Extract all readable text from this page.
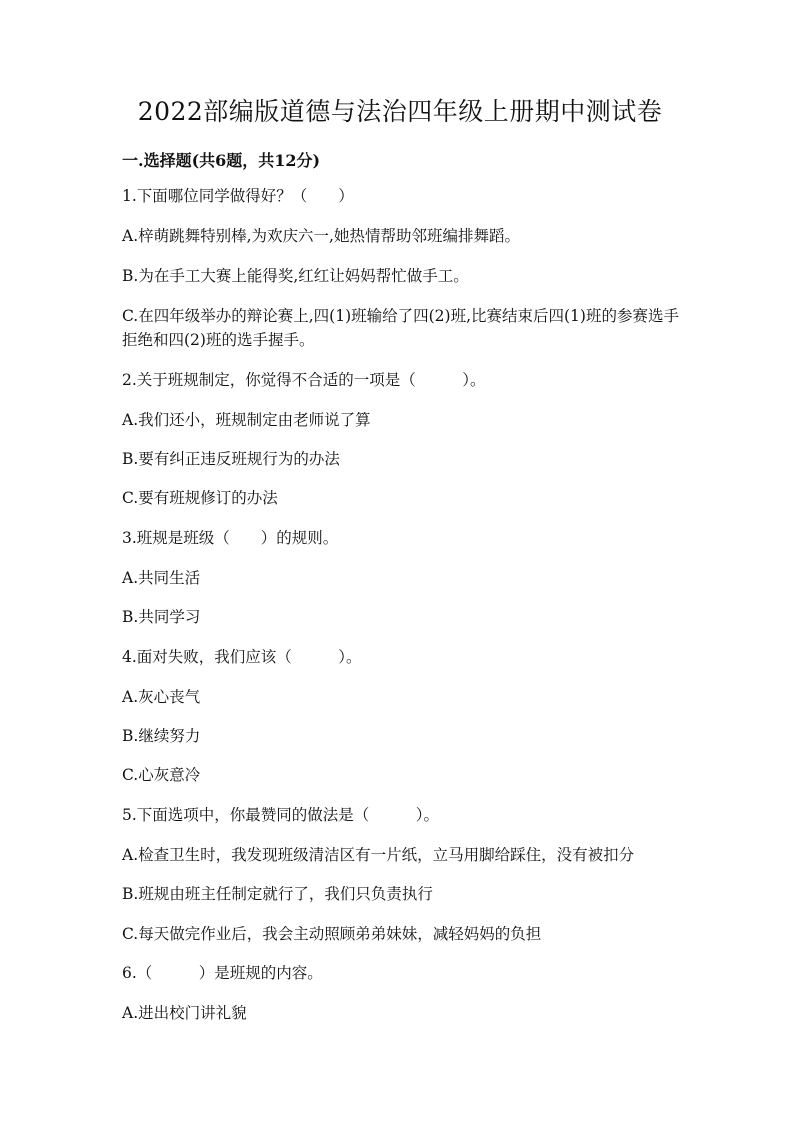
2022部编版道德与法治四年级上册期中测试卷
一.选择题(共6题，共12分)

1.下面哪位同学做得好？（　　）

A.梓萌跳舞特别棒,为欢庆六一,她热情帮助邻班编排舞蹈。

B.为在手工大赛上能得奖,红红让妈妈帮忙做手工。

C.在四年级举办的辩论赛上,四(1)班输给了四(2)班,比赛结束后四(1)班的参赛选手拒绝和四(2)班的选手握手。

2.关于班规制定，你觉得不合适的一项是（　　　）。

A.我们还小，班规制定由老师说了算

B.要有纠正违反班规行为的办法

C.要有班规修订的办法

3.班规是班级（　　）的规则。

A.共同生活

B.共同学习

4.面对失败，我们应该（　　　）。

A.灰心丧气

B.继续努力

C.心灰意冷

5.下面选项中，你最赞同的做法是（　　　）。

A.检查卫生时，我发现班级清洁区有一片纸，立马用脚给踩住，没有被扣分

B.班规由班主任制定就行了，我们只负责执行

C.每天做完作业后，我会主动照顾弟弟妹妹，减轻妈妈的负担

6.（　　　）是班规的内容。

A.进出校门讲礼貌
